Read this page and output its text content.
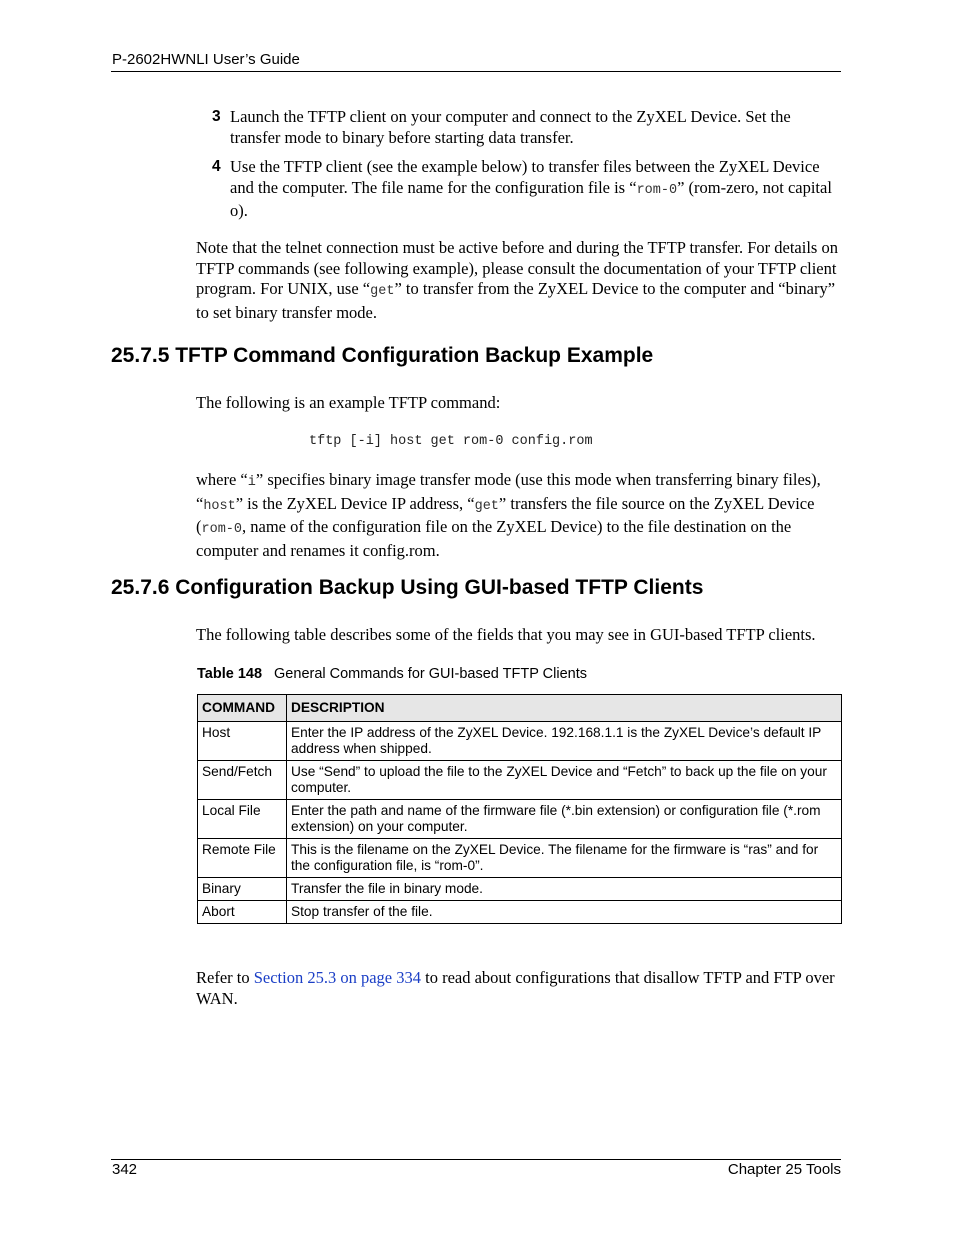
P-2602HWNLI User’s Guide
3 Launch the TFTP client on your computer and connect to the ZyXEL Device. Set the transfer mode to binary before starting data transfer.
4 Use the TFTP client (see the example below) to transfer files between the ZyXEL Device and the computer. The file name for the configuration file is “rom-0” (rom-zero, not capital o).
Note that the telnet connection must be active before and during the TFTP transfer. For details on TFTP commands (see following example), please consult the documentation of your TFTP client program. For UNIX, use “get” to transfer from the ZyXEL Device to the computer and “binary” to set binary transfer mode.
25.7.5 TFTP Command Configuration Backup Example
The following is an example TFTP command:
tftp [-i] host get rom-0 config.rom
where “i” specifies binary image transfer mode (use this mode when transferring binary files), “host” is the ZyXEL Device IP address, “get” transfers the file source on the ZyXEL Device (rom-0, name of the configuration file on the ZyXEL Device) to the file destination on the computer and renames it config.rom.
25.7.6 Configuration Backup Using GUI-based TFTP Clients
The following table describes some of the fields that you may see in GUI-based TFTP clients.
Table 148 General Commands for GUI-based TFTP Clients
COMMAND	DESCRIPTION
Host	Enter the IP address of the ZyXEL Device. 192.168.1.1 is the ZyXEL Device’s default IP address when shipped.
Send/Fetch	Use “Send” to upload the file to the ZyXEL Device and “Fetch” to back up the file on your computer.
Local File	Enter the path and name of the firmware file (*.bin extension) or configuration file (*.rom extension) on your computer.
Remote File	This is the filename on the ZyXEL Device. The filename for the firmware is “ras” and for the configuration file, is “rom-0”.
Binary	Transfer the file in binary mode.
Abort	Stop transfer of the file.
Refer to Section 25.3 on page 334 to read about configurations that disallow TFTP and FTP over WAN.
342	Chapter 25 Tools
